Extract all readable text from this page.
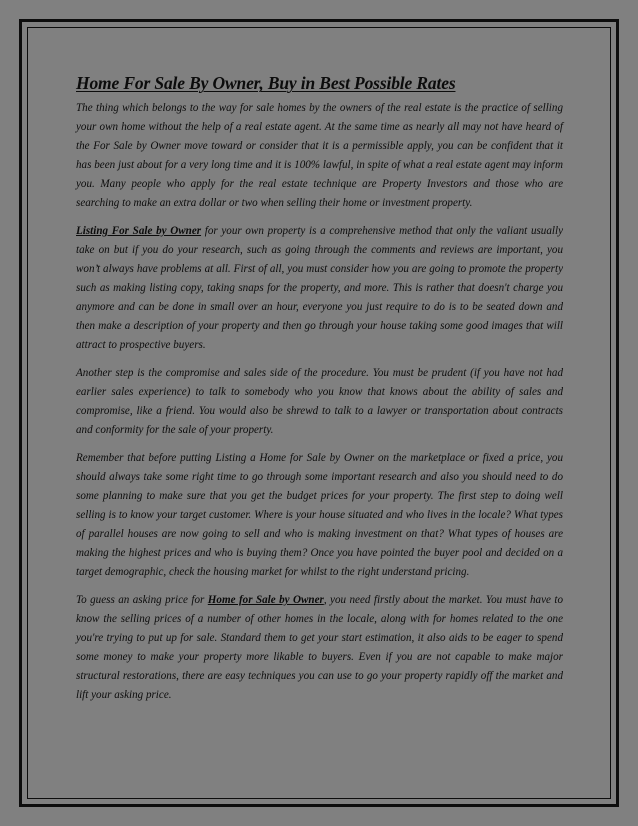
Home For Sale By Owner, Buy in Best Possible Rates

The thing which belongs to the way for sale homes by the owners of the real estate is the practice of selling your own home without the help of a real estate agent. At the same time as nearly all may not have heard of the For Sale by Owner move toward or consider that it is a permissible apply, you can be confident that it has been just about for a very long time and it is 100% lawful, in spite of what a real estate agent may inform you. Many people who apply for the real estate technique are Property Investors and those who are searching to make an extra dollar or two when selling their home or investment property.

Listing For Sale by Owner for your own property is a comprehensive method that only the valiant usually take on but if you do your research, such as going through the comments and reviews are important, you won’t always have problems at all. First of all, you must consider how you are going to promote the property such as making listing copy, taking snaps for the property, and more. This is rather that doesn't charge you anymore and can be done in small over an hour, everyone you just require to do is to be seated down and then make a description of your property and then go through your house taking some good images that will attract to prospective buyers.

Another step is the compromise and sales side of the procedure. You must be prudent (if you have not had earlier sales experience) to talk to somebody who you know that knows about the ability of sales and compromise, like a friend. You would also be shrewd to talk to a lawyer or transportation about contracts and conformity for the sale of your property.

Remember that before putting Listing a Home for Sale by Owner on the marketplace or fixed a price, you should always take some right time to go through some important research and also you should need to do some planning to make sure that you get the budget prices for your property. The first step to doing well selling is to know your target customer. Where is your house situated and who lives in the locale? What types of parallel houses are now going to sell and who is making investment on that? What types of houses are making the highest prices and who is buying them? Once you have pointed the buyer pool and decided on a target demographic, check the housing market for whilst to the right understand pricing.

To guess an asking price for Home for Sale by Owner, you need firstly about the market. You must have to know the selling prices of a number of other homes in the locale, along with for homes related to the one you're trying to put up for sale. Standard them to get your start estimation, it also aids to be eager to spend some money to make your property more likable to buyers. Even if you are not capable to make major structural restorations, there are easy techniques you can use to go your property rapidly off the market and lift your asking price.
